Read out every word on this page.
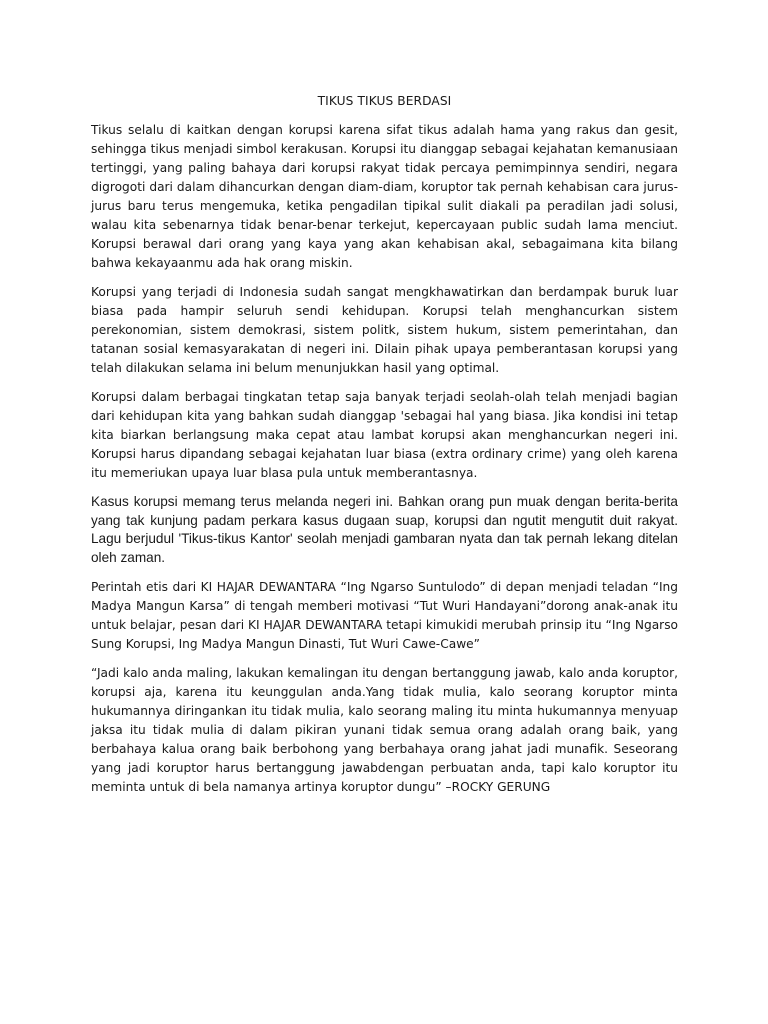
TIKUS TIKUS BERDASI

Tikus selalu di kaitkan dengan korupsi karena sifat tikus adalah hama yang rakus dan gesit, sehingga tikus menjadi simbol kerakusan. Korupsi itu dianggap sebagai kejahatan kemanusiaan tertinggi, yang paling bahaya dari korupsi rakyat tidak percaya pemimpinnya sendiri, negara digrogoti dari dalam dihancurkan dengan diam-diam, koruptor tak pernah kehabisan cara jurus-jurus baru terus mengemuka, ketika pengadilan tipikal sulit diakali pa peradilan jadi solusi, walau kita sebenarnya tidak benar-benar terkejut, kepercayaan public sudah lama menciut. Korupsi berawal dari orang yang kaya yang akan kehabisan akal, sebagaimana kita bilang bahwa kekayaanmu ada hak orang miskin.

Korupsi yang terjadi di Indonesia sudah sangat mengkhawatirkan dan berdampak buruk luar biasa pada hampir seluruh sendi kehidupan. Korupsi telah menghancurkan sistem perekonomian, sistem demokrasi, sistem politk, sistem hukum, sistem pemerintahan, dan tatanan sosial kemasyarakatan di negeri ini. Dilain pihak upaya pemberantasan korupsi yang telah dilakukan selama ini belum menunjukkan hasil yang optimal.

Korupsi dalam berbagai tingkatan tetap saja banyak terjadi seolah-olah telah menjadi bagian dari kehidupan kita yang bahkan sudah dianggap 'sebagai hal yang biasa. Jika kondisi ini tetap kita biarkan berlangsung maka cepat atau lambat korupsi akan menghancurkan negeri ini. Korupsi harus dipandang sebagai kejahatan luar biasa (extra ordinary crime) yang oleh karena itu memeriukan upaya luar blasa pula untuk memberantasnya.

Kasus korupsi memang terus melanda negeri ini. Bahkan orang pun muak dengan berita-berita yang tak kunjung padam perkara kasus dugaan suap, korupsi dan ngutit mengutit duit rakyat. Lagu berjudul 'Tikus-tikus Kantor' seolah menjadi gambaran nyata dan tak pernah lekang ditelan oleh zaman.

Perintah etis dari KI HAJAR DEWANTARA “Ing Ngarso Suntulodo” di depan menjadi teladan “Ing Madya Mangun Karsa” di tengah memberi motivasi “Tut Wuri Handayani”dorong anak-anak itu untuk belajar, pesan dari KI HAJAR DEWANTARA tetapi kimukidi merubah prinsip itu “Ing Ngarso Sung Korupsi, Ing Madya Mangun Dinasti, Tut Wuri Cawe-Cawe”

“Jadi kalo anda maling, lakukan kemalingan itu dengan bertanggung jawab, kalo anda koruptor, korupsi aja, karena itu keunggulan anda.Yang tidak mulia, kalo seorang koruptor minta hukumannya diringankan itu tidak mulia, kalo seorang maling itu minta hukumannya menyuap jaksa itu tidak mulia di dalam pikiran yunani tidak semua orang adalah orang baik, yang berbahaya kalua orang baik berbohong yang berbahaya orang jahat jadi munafik. Seseorang yang jadi koruptor harus bertanggung jawabdengan perbuatan anda, tapi kalo koruptor itu meminta untuk di bela namanya artinya koruptor dungu” –ROCKY GERUNG
